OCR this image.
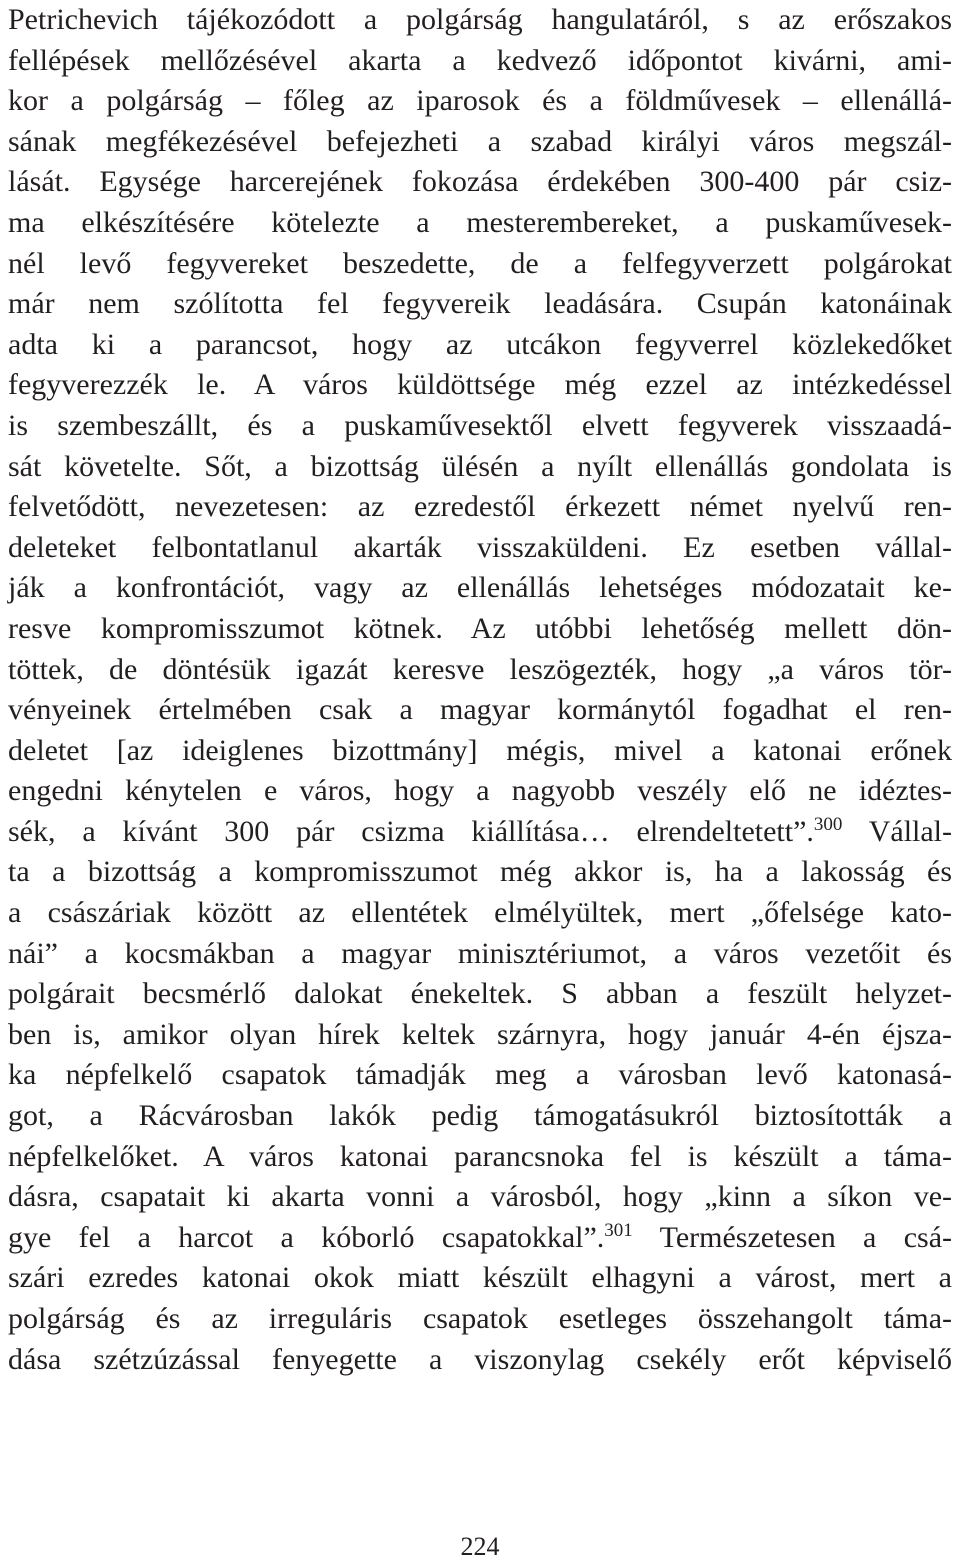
Petrichevich tájékozódott a polgárság hangulatáról, s az erőszakos
fellépések mellőzésével akarta a kedvező időpontot kivárni, ami-
kor a polgárság – főleg az iparosok és a földművesek – ellenállá-
sának megfékezésével befejezheti a szabad királyi város megszál-
lását. Egysége harcerejének fokozása érdekében 300-400 pár csiz-
ma elkészítésére kötelezte a mesterembereket, a puskaművesek-
nél levő fegyvereket beszedette, de a felfegyverzett polgárokat
már nem szólította fel fegyvereik leadására. Csupán katonáinak
adta ki a parancsot, hogy az utcákon fegyverrel közlekedőket
fegyverezzék le. A város küldöttsége még ezzel az intézkedéssel
is szembeszállt, és a puskaművesektől elvett fegyverek visszaadá-
sát követelte. Sőt, a bizottság ülésén a nyílt ellenállás gondolata is
felvetődött, nevezetesen: az ezredestől érkezett német nyelvű ren-
deleteket felbontatlanul akarták visszaküldeni. Ez esetben vállal-
ják a konfrontációt, vagy az ellenállás lehetséges módozatait ke-
resve kompromisszumot kötnek. Az utóbbi lehetőség mellett dön-
töttek, de döntésük igazát keresve leszögezték, hogy „a város tör-
vényeinek értelmében csak a magyar kormánytól fogadhat el ren-
deletet [az ideiglenes bizottmány] mégis, mivel a katonai erőnek
engedni kénytelen e város, hogy a nagyobb veszély elő ne idéztes-
sék, a kívánt 300 pár csizma kiállítása… elrendeltetett”.$^{300}$ Vállal-
ta a bizottság a kompromisszumot még akkor is, ha a lakosság és
a császáriak között az ellentétek elmélyültek, mert „őfelsége kato-
nái” a kocsmákban a magyar minisztériumot, a város vezetőit és
polgárait becsmérlő dalokat énekeltek. S abban a feszült helyzet-
ben is, amikor olyan hírek keltek szárnyra, hogy január 4-én éjsza-
ka népfelkelő csapatok támadják meg a városban levő katonasá-
got, a Rácvárosban lakók pedig támogatásukról biztosították a
népfelkelőket. A város katonai parancsnoka fel is készült a táma-
dásra, csapatait ki akarta vonni a városból, hogy „kinn a síkon ve-
gye fel a harcot a kóborló csapatokkal”.$^{301}$ Természetesen a csá-
szári ezredes katonai okok miatt készült elhagyni a várost, mert a
polgárság és az irreguláris csapatok esetleges összehangolt táma-
dása szétzúzással fenyegette a viszonylag csekély erőt képviselő
224
